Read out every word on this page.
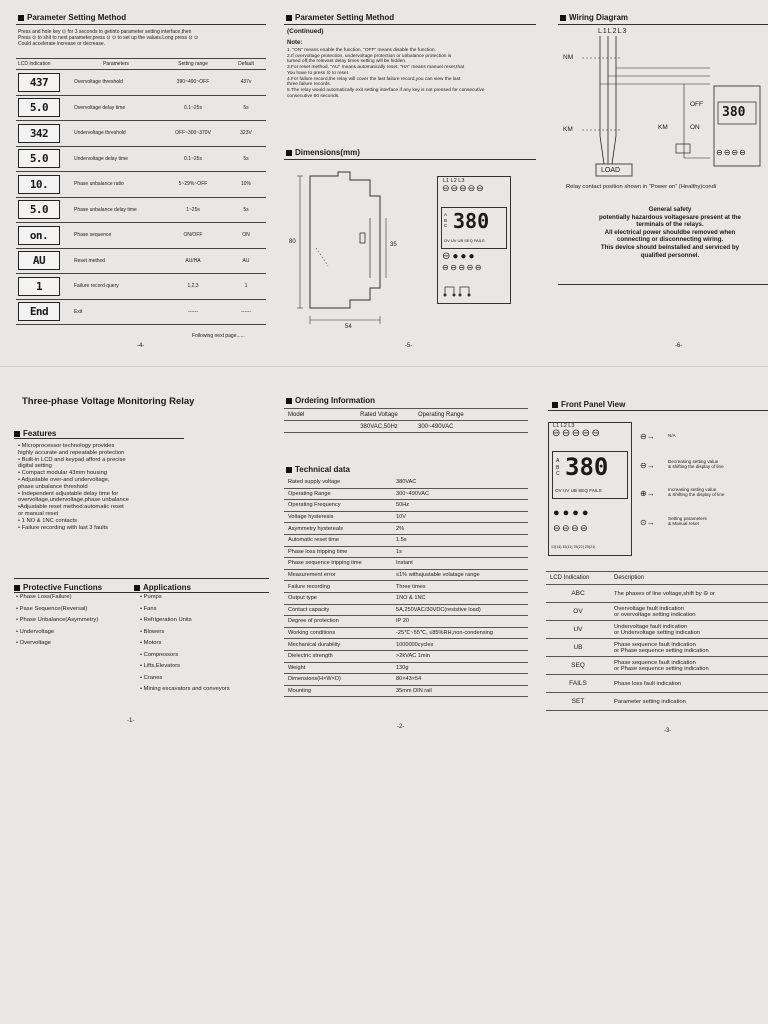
Parameter Setting Method
Press and hole key ⊙ for 3 seconds to getinto parameter setting interface,then
Press ⊙ to shit to next parameter,press ⊙ ⊙ to set up the values.Long press ⊙ ⊙
Could accelerate increase or decrease.
LCD indication	Parameters	Setting range	Default
437	Overvoltage threshold	390~490~OFF	437v
5.0	Overvoltage delay time	0.1~25s	5s
342	Undervoltage threshold	OFF~300~370V	323V
5.0	Undervoltage delay time	0.1~25s	5s
10.	Phase unbalance ratio	5~29%~OFF	10%
5.0	Phase unbalance delay time	1~25s	5s
on.	Phase sequence	ON/OFF	ON
AU	Reset method	AU/HA	AU
1	Failure record query	1,2,3	1
End	Exit	------	------
Following next page......
-4-
Parameter Setting Method
(Continued)
Note:
1. "ON" means enable the function, "OFF" means disable the function.
2.If overvoltage protection, undervoltage protection or unbalance protection is
turned off,the relevant delay times setting will be hidden.
3.For reset method, "AU" means automatically reset, "HA" means manuel reset,that
You have to press ⊙ to reset.
4.For failure record,the relay will cover the last failure record,you can view the last
three failure records.
5.The relay would automatically exit setting interface if any key is not pressed for consecutive
consecutive 60 seconds.
Dimensions(mm)
80	35
54
L1 L2 L3
⊖⊖⊖⊖⊖
A
B
C 380
OV UV UB SEQ FAILS
⊖●●●
⊖⊖⊖⊖⊖
-5-
Wiring Diagram
L1L2L3
NM
KM
OFF
ON
KM
LOAD
380
⊖⊖⊖⊖
Relay contact position shown in “Power on” (Healthy)condi
General safety
potentially hazardous voltagesare present at the
terminals of the relays.
All electrical power shouldbe removed when
connecting or disconnecting wiring.
This device should beinstalled and serviced by
qualified personnel.
-6-
Three-phase Voltage Monitoring Relay
Features
• Microprocessor technology provides
highly accurate and repeatable protection
• Built-in LCD and keypad afford a precise
digital setting
• Compact modular 43mm housing
• Adjustable over-and undervoltage,
phase unbalance threshold
• Independent adjustable delay time for
overvoltage,undervoltage,phase unbalance
•Adjustable reset method:automatic reset
or manual reset
• 1 NO & 1NC contacts
• Failure recording with last 3 faults
Protective Functions	Applications
• Phase Loss(Failure)
• Pase Sequence(Reversal)
• Phase Unbalance(Asymmetry)
• Undervoltage
• Overvoltage
• Pumps
• Fans
• Refrigeration Units
• Blowers
• Motors
• Compressors
• Lifts,Elevators
• Cranes
• Mining excavators and conveyors
-1-
Ordering Information
Model	Rated Voltage	Operating Range
	380VAC,50Hz	300~490VAC
Technical data
Rated supply voltage	380VAC
Operating Range	300~490VAC
Operating Frequency	50Hz
Voltage hysteresis	10V
Asymmetry hystereals	2%
Automatic reset time	1.5s
Phase loss tripping time	1s
Phase sequence tripping time	Instant
Measurement error	≤1% withajustable volatage range
Failure recording	Three times
Output type	1NO & 1NC
Contact capacity	5A,250VAC/30VDC(resistive load)
Degree of protection	IP 20
Working conditions	-25℃~55℃, ≤85%RH,non-condensing
Mechanical durability	1000000cycles
Dielectric strength	>2kVAC 1min
Weight	130g
Dimensions(H×W×D)	80×43×54
Mounting	35mm DIN rail
-2-
Front Panel View
L1 L2 L3
⊖⊖⊖⊖⊖
A
B
C 380
OV UV UB SEQ FAILS
●●●●
⊖⊖⊖⊖
13(14) 15(11) 25(22) 25(21)
⊖→	N/A
⊖→	Decreasing setting value
& shifting the display of line
⊕→	Increasing setting value
& Shifting the display of line
⊙→	Setting parameters
& Manual reset
LCD Indication	Description
ABC	The phases of line voltage,shift by ⊖ or
OV	Overvoltage fault indication
or overvoltage setting indication
UV	Undervoltage fault indication
or Undervoltage setting indication
UB	Phase sequence fault indication
or Phase sequence setting indication
SEQ	Phase sequence fault indication
or Phase sequence setting indication
FAILS	Phase loss fault indication
SET	Parameter setting indication
-3-
